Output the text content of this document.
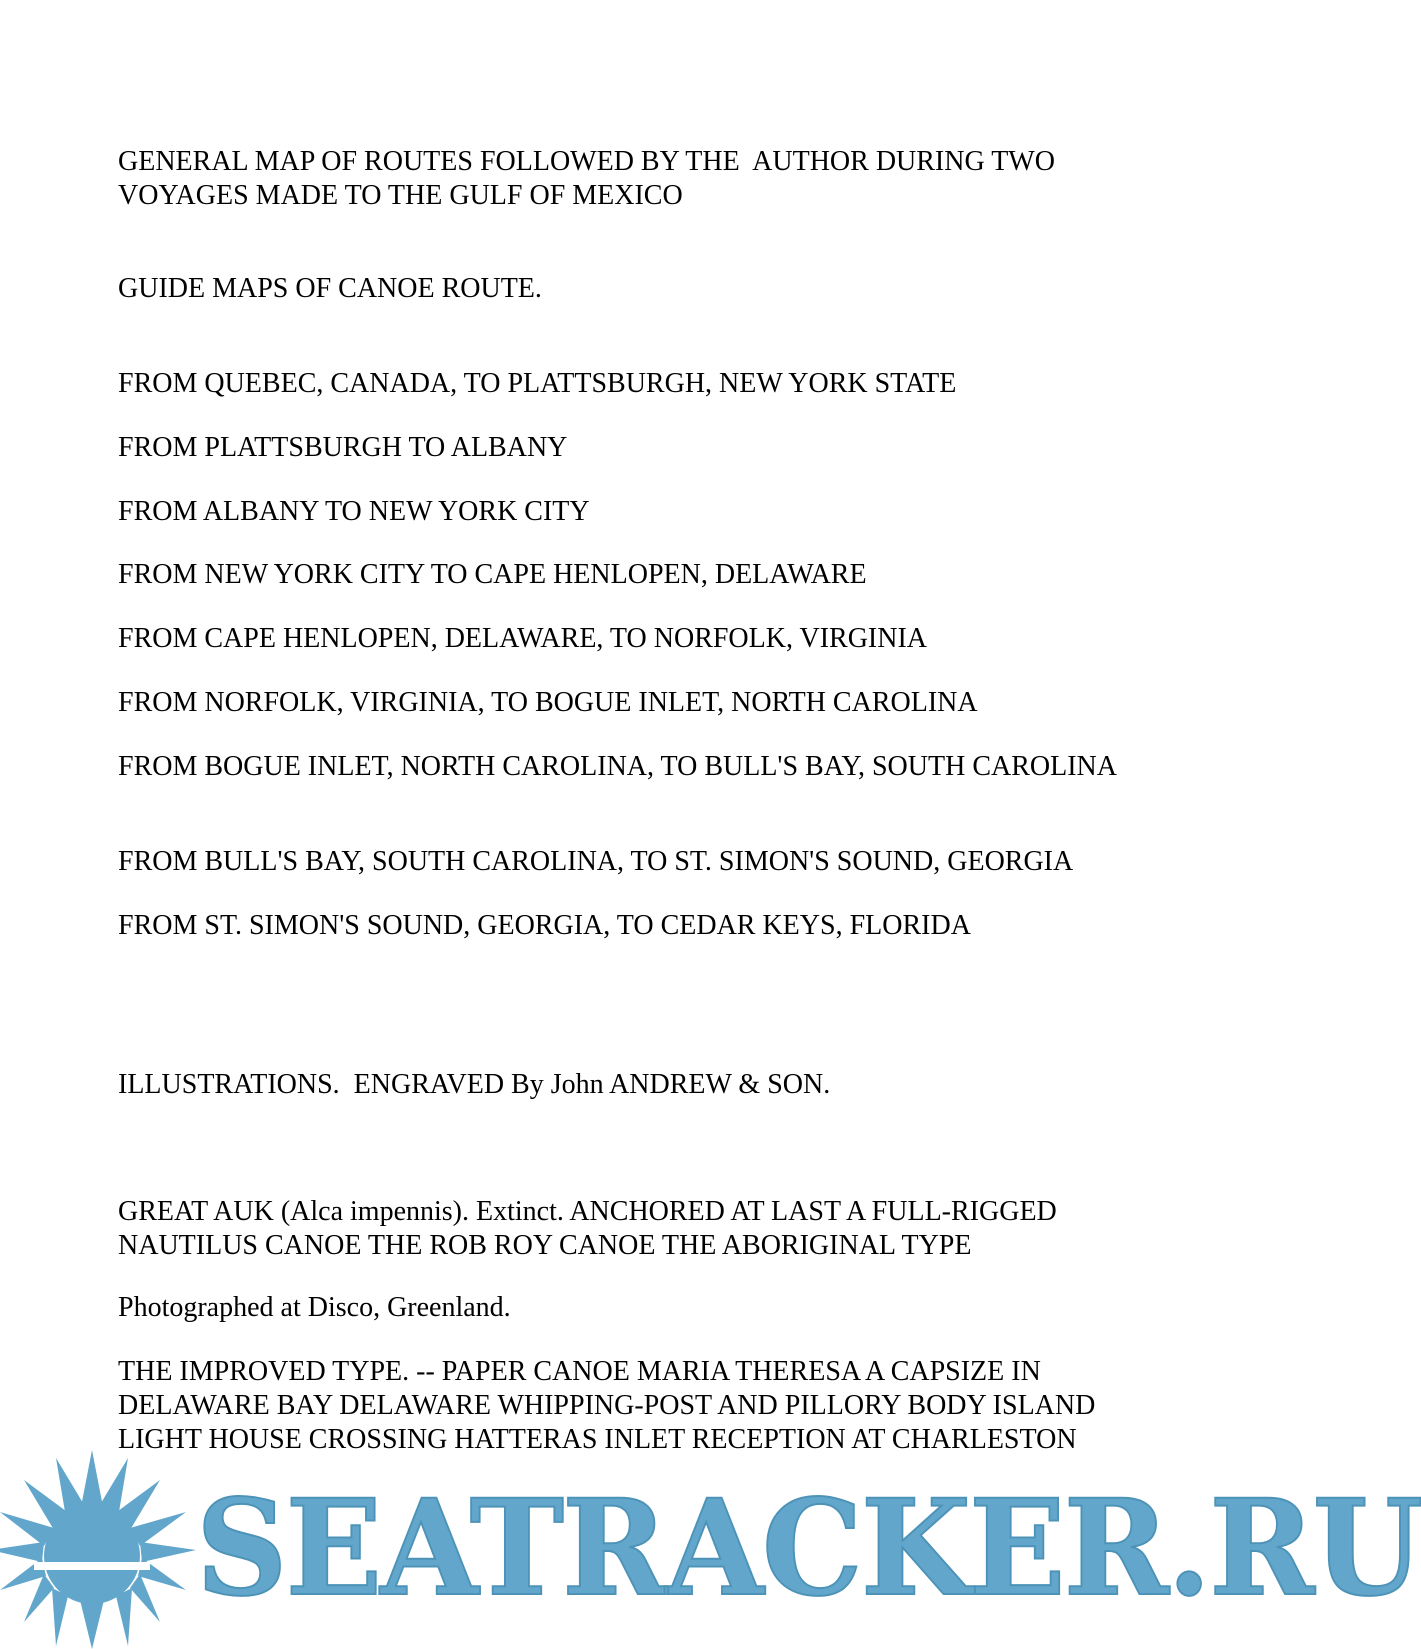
GENERAL MAP OF ROUTES FOLLOWED BY THE  AUTHOR DURING TWO VOYAGES MADE TO THE GULF OF MEXICO
GUIDE MAPS OF CANOE ROUTE.
FROM QUEBEC, CANADA, TO PLATTSBURGH, NEW YORK STATE
FROM PLATTSBURGH TO ALBANY
FROM ALBANY TO NEW YORK CITY
FROM NEW YORK CITY TO CAPE HENLOPEN, DELAWARE
FROM CAPE HENLOPEN, DELAWARE, TO NORFOLK, VIRGINIA
FROM NORFOLK, VIRGINIA, TO BOGUE INLET, NORTH CAROLINA
FROM BOGUE INLET, NORTH CAROLINA, TO BULL'S BAY, SOUTH CAROLINA
FROM BULL'S BAY, SOUTH CAROLINA, TO ST. SIMON'S SOUND, GEORGIA
FROM ST. SIMON'S SOUND, GEORGIA, TO CEDAR KEYS, FLORIDA
ILLUSTRATIONS.  ENGRAVED By John ANDREW & SON.
GREAT AUK (Alca impennis). Extinct. ANCHORED AT LAST A FULL-RIGGED NAUTILUS CANOE THE ROB ROY CANOE THE ABORIGINAL TYPE
Photographed at Disco, Greenland.
THE IMPROVED TYPE. -- PAPER CANOE MARIA THERESA A CAPSIZE IN DELAWARE BAY DELAWARE WHIPPING-POST AND PILLORY BODY ISLAND LIGHT HOUSE CROSSING HATTERAS INLET RECEPTION AT CHARLESTON
SEATRACKER.RU
